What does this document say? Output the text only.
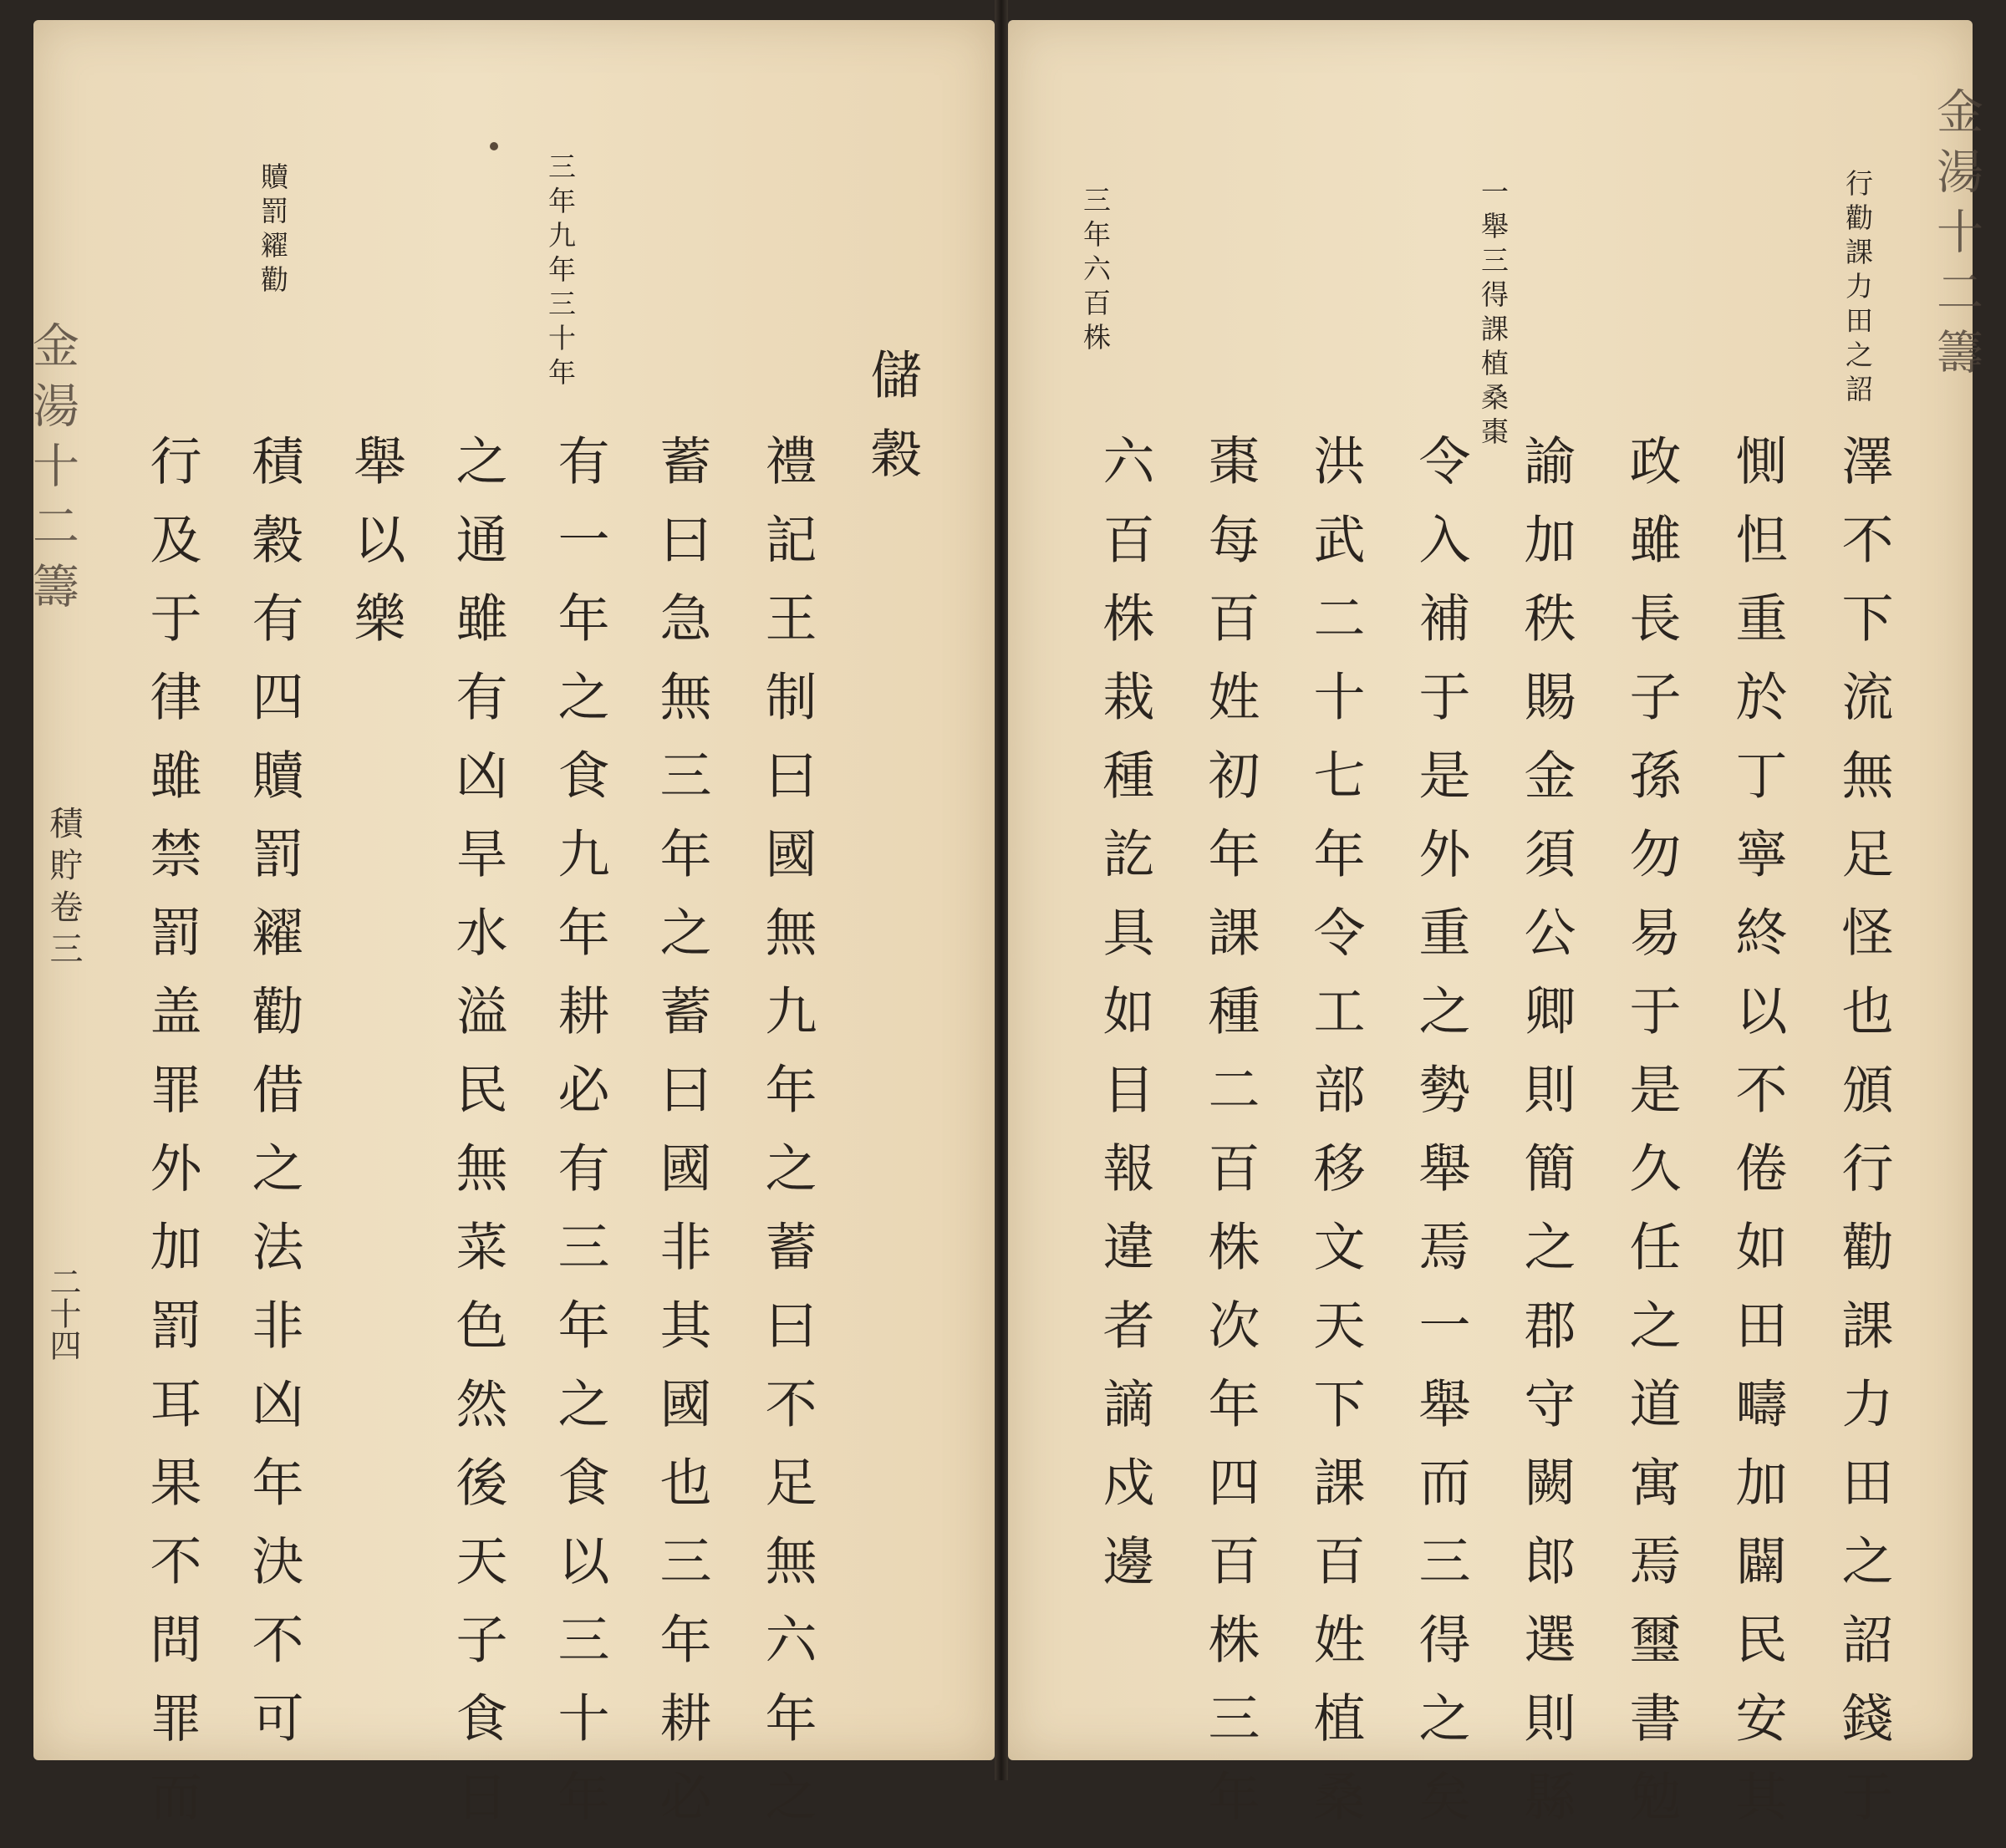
金湯十二籌
行勸課力田之詔
一舉三得課植桑棗
三年六百株
澤不下流無足怪也頒行勸課力田之詔錢于
惻怛重於丁寧終以不倦如田疇加闢民安其
政雖長子孫勿易于是久任之道寓焉璽書勉
諭加秩賜金須公卿則簡之郡守闕郎選則縣
令入補于是外重之勢舉焉一舉而三得之矣
洪武二十七年令工部移文天下課百姓植桑
棗每百姓初年課種二百株次年四百株三年
六百株栽種訖具如目報違者謫戍邊
三年九年三十年
贖罰糴勸
儲穀
禮記王制曰國無九年之蓄曰不足無六年之
蓄曰急無三年之蓄曰國非其國也三年耕必
有一年之食九年耕必有三年之食以三十年
之通雖有凶旱水溢民無菜色然後天子食日
舉以樂
積穀有四贖罰糴勸借之法非凶年決不可
行及于律雖禁罰盖罪外加罰耳果不問罪而
金湯十二籌
積貯卷三
二十四
